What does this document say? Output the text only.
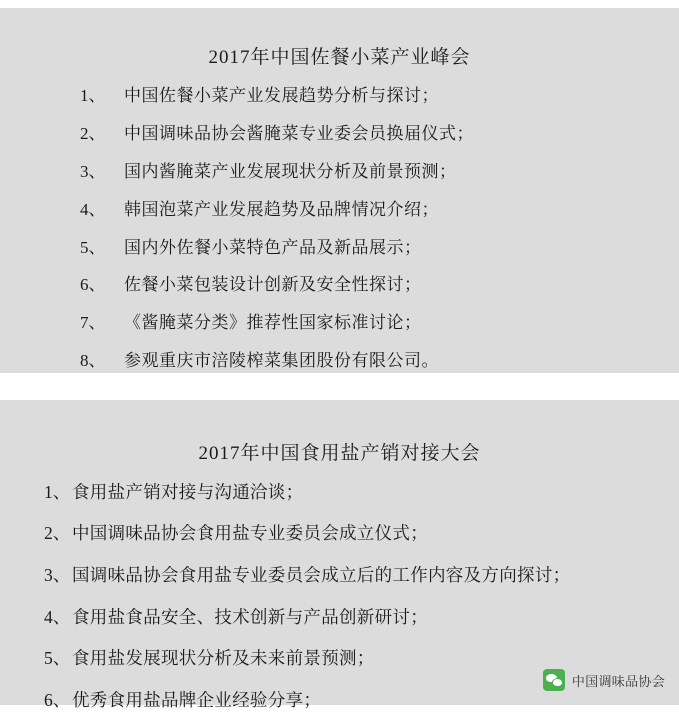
2017年中国佐餐小菜产业峰会
1、	中国佐餐小菜产业发展趋势分析与探讨；
2、	中国调味品协会酱腌菜专业委会员换届仪式；
3、	国内酱腌菜产业发展现状分析及前景预测；
4、	韩国泡菜产业发展趋势及品牌情况介绍；
5、	国内外佐餐小菜特色产品及新品展示；
6、	佐餐小菜包装设计创新及安全性探讨；
7、	《酱腌菜分类》推荐性国家标准讨论；
8、	参观重庆市涪陵榨菜集团股份有限公司。
2017年中国食用盐产销对接大会
1、 食用盐产销对接与沟通洽谈；
2、 中国调味品协会食用盐专业委员会成立仪式；
3、 国调味品协会食用盐专业委员会成立后的工作内容及方向探讨；
4、 食用盐食品安全、技术创新与产品创新研讨；
5、 食用盐发展现状分析及未来前景预测；
6、 优秀食用盐品牌企业经验分享；
中国调味品协会
